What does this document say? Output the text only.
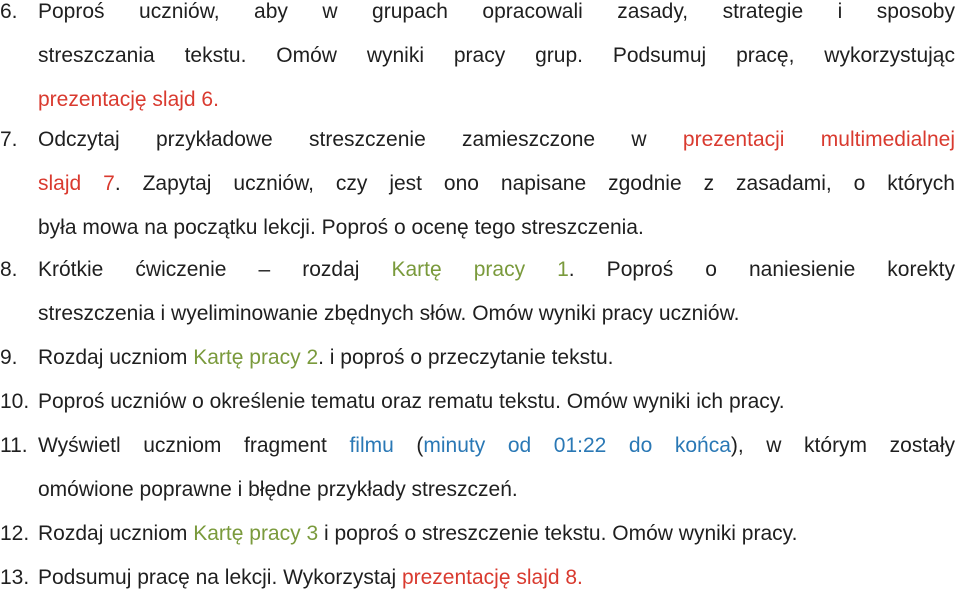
6. Poproś uczniów, aby w grupach opracowali zasady, strategie i sposoby
streszczania tekstu. Omów wyniki pracy grup. Podsumuj pracę, wykorzystując
prezentację slajd 6.
7. Odczytaj przykładowe streszczenie zamieszczone w prezentacji multimedialnej
slajd 7. Zapytaj uczniów, czy jest ono napisane zgodnie z zasadami, o których
była mowa na początku lekcji. Poproś o ocenę tego streszczenia.
8. Krótkie ćwiczenie – rozdaj Kartę pracy 1. Poproś o naniesienie korekty
streszczenia i wyeliminowanie zbędnych słów. Omów wyniki pracy uczniów.
9. Rozdaj uczniom Kartę pracy 2. i poproś o przeczytanie tekstu.
10. Poproś uczniów o określenie tematu oraz rematu tekstu. Omów wyniki ich pracy.
11. Wyświetl uczniom fragment filmu (minuty od 01:22 do końca), w którym zostały
omówione poprawne i błędne przykłady streszczeń.
12. Rozdaj uczniom Kartę pracy 3 i poproś o streszczenie tekstu. Omów wyniki pracy.
13. Podsumuj pracę na lekcji. Wykorzystaj prezentację slajd 8.
